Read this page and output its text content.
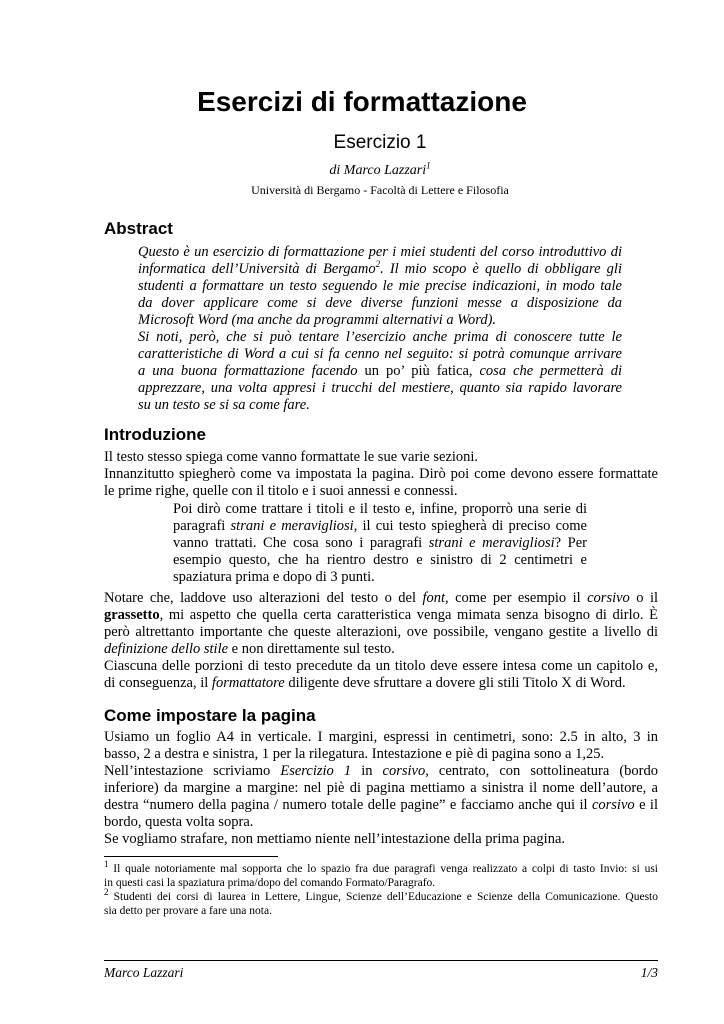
Esercizi di formattazione
Esercizio 1
di Marco Lazzari$^1$
Università di Bergamo - Facoltà di Lettere e Filosofia
Abstract
Questo è un esercizio di formattazione per i miei studenti del corso introduttivo di
informatica dell’Università di Bergamo$^2$. Il mio scopo è quello di obbligare gli
studenti a formattare un testo seguendo le mie precise indicazioni, in modo tale
da dover applicare come si deve diverse funzioni messe a disposizione da
Microsoft Word (ma anche da programmi alternativi a Word).
Si noti, però, che si può tentare l’esercizio anche prima di conoscere tutte le
caratteristiche di Word a cui si fa cenno nel seguito: si potrà comunque arrivare
a una buona formattazione facendo un po’ più fatica, cosa che permetterà di
apprezzare, una volta appresi i trucchi del mestiere, quanto sia rapido lavorare
su un testo se si sa come fare.
Introduzione
Il testo stesso spiega come vanno formattate le sue varie sezioni.
Innanzitutto spiegherò come va impostata la pagina. Dirò poi come devono essere formattate
le prime righe, quelle con il titolo e i suoi annessi e connessi.
Poi dirò come trattare i titoli e il testo e, infine, proporrò una serie di
paragrafi strani e meravigliosi, il cui testo spiegherà di preciso come
vanno trattati. Che cosa sono i paragrafi strani e meravigliosi? Per
esempio questo, che ha rientro destro e sinistro di 2 centimetri e
spaziatura prima e dopo di 3 punti.
Notare che, laddove uso alterazioni del testo o del font, come per esempio il corsivo o il
grassetto, mi aspetto che quella certa caratteristica venga mimata senza bisogno di dirlo. È
però altrettanto importante che queste alterazioni, ove possibile, vengano gestite a livello di
definizione dello stile e non direttamente sul testo.
Ciascuna delle porzioni di testo precedute da un titolo deve essere intesa come un capitolo e,
di conseguenza, il formattatore diligente deve sfruttare a dovere gli stili Titolo X di Word.
Come impostare la pagina
Usiamo un foglio A4 in verticale. I margini, espressi in centimetri, sono: 2.5 in alto, 3 in
basso, 2 a destra e sinistra, 1 per la rilegatura. Intestazione e piè di pagina sono a 1,25.
Nell’intestazione scriviamo Esercizio 1 in corsivo, centrato, con sottolineatura (bordo
inferiore) da margine a margine: nel piè di pagina mettiamo a sinistra il nome dell’autore, a
destra “numero della pagina / numero totale delle pagine” e facciamo anche qui il corsivo e il
bordo, questa volta sopra.
Se vogliamo strafare, non mettiamo niente nell’intestazione della prima pagina.
$^1$ Il quale notoriamente mal sopporta che lo spazio fra due paragrafi venga realizzato a colpi di tasto Invio: si usi
in questi casi la spaziatura prima/dopo del comando Formato/Paragrafo.
$^2$ Studenti dei corsi di laurea in Lettere, Lingue, Scienze dell’Educazione e Scienze della Comunicazione. Questo
sia detto per provare a fare una nota.
Marco Lazzari	1/3
